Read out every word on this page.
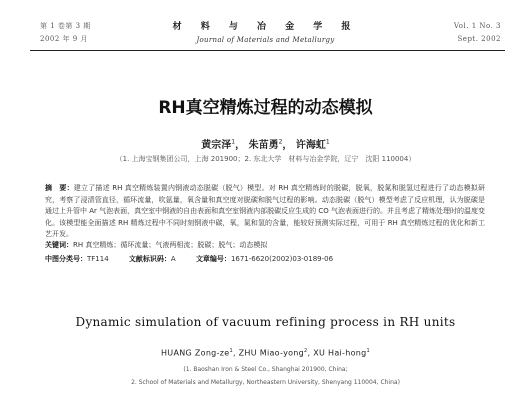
第 1 卷第 3 期
2002 年 9 月
材 料 与 冶 金 学 报
Journal of Materials and Metallurgy
Vol. 1 No. 3
Sept. 2002
RH真空精炼过程的动态模拟
黄宗泽$^1$， 朱苗勇$^2$， 许海虹$^1$
（1. 上海宝钢集团公司，上海 201900；2. 东北大学　材料与冶金学院，辽宁　沈阳 110004）
摘　要：建立了描述 RH 真空精炼装置内钢液动态脱碳（脱气）模型。对 RH 真空精炼时的脱碳，脱氧，脱氮和脱氢过程进行了动态模拟研究，考察了浸渍管直径，循环流量，吹氩量，氧含量和真空度对脱碳和脱气过程的影响。动态脱碳（脱气）模型考虑了反应机理，认为脱碳是通过上升管中 Ar 气泡表面，真空室中钢液的自由表面和真空室钢液内部脱碳反应生成的 CO 气泡表面进行的。并且考虑了精炼处理时的温度变化。该模型能全面描述 RH 精炼过程中不同时刻钢液中碳，氧，氮和氢的含量，能较好预测实际过程，可用于 RH 真空精炼过程的优化和新工艺开发。
关键词：RH 真空精炼；循环流量；气液两相流；脱碳；脱气；动态模拟
中图分类号：TF114	文献标识码：A	文章编号：1671-6620(2002)03-0189-06
Dynamic simulation of vacuum refining process in RH units
HUANG Zong-$ze^1$, ZHU Miao-yong$^2$, XU Hai-hong$^1$
(1. Baoshan Iron & Steel Co., Shanghai 201900, China;
2. School of Materials and Metallurgy, Northeastern University, Shenyang 110004, China)
